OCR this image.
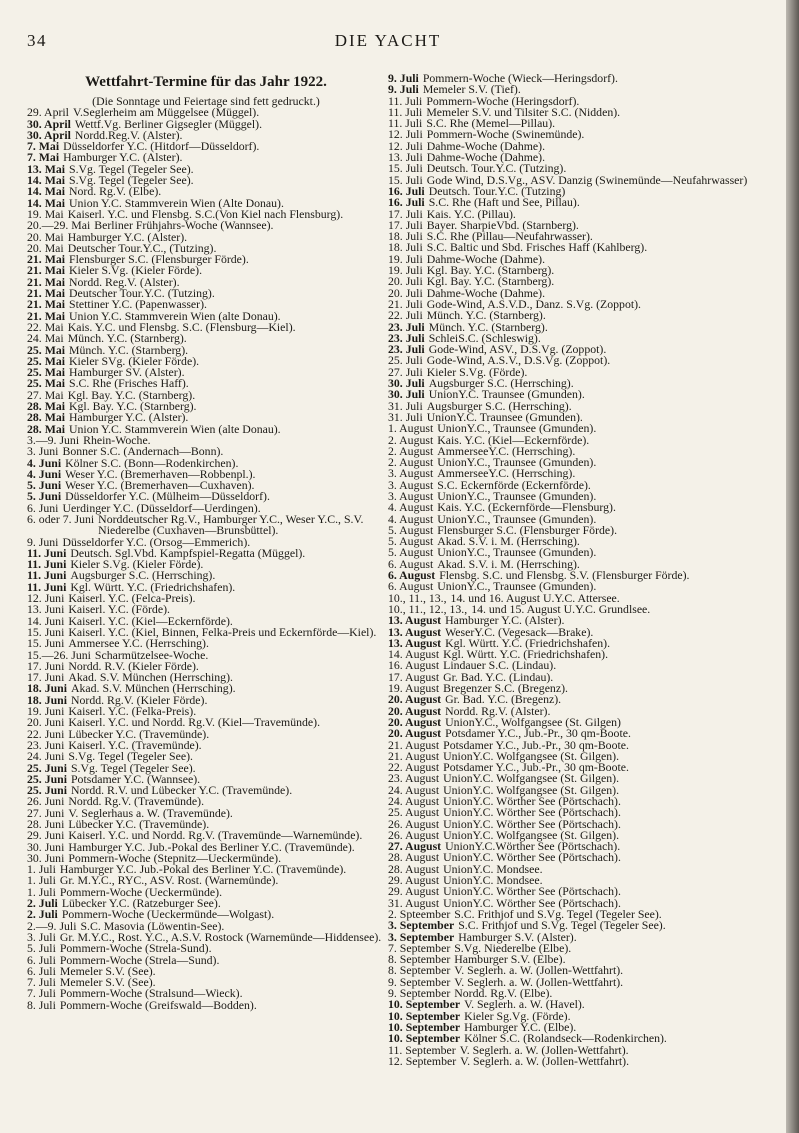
34	DIE YACHT
Wettfahrt-Termine für das Jahr 1922.
(Die Sonntage und Feiertage sind fett gedruckt.)
29. April V.Seglerheim am Müggelsee (Müggel).
30. April Wettf.Vg. Berliner Gigsegler (Müggel).
30. April Nordd.Reg.V. (Alster).
7. Mai Düsseldorfer Y.C. (Hitdorf—Düsseldorf).
7. Mai Hamburger Y.C. (Alster).
13. Mai S.Vg. Tegel (Tegeler See).
14. Mai S.Vg. Tegel (Tegeler See).
14. Mai Nord. Rg.V. (Elbe).
14. Mai Union Y.C. Stammverein Wien (Alte Donau).
19. Mai Kaiserl. Y.C. und Flensbg. S.C.(Von Kiel nach Flensburg).
20.—29. Mai Berliner Frühjahrs-Woche (Wannsee).
20. Mai Hamburger Y.C. (Alster).
20. Mai Deutscher Tour.Y.C., (Tutzing).
21. Mai Flensburger S.C. (Flensburger Förde).
21. Mai Kieler S.Vg. (Kieler Förde).
21. Mai Nordd. Reg.V. (Alster).
21. Mai Deutscher Tour.Y.C. (Tutzing).
21. Mai Stettiner Y.C. (Papenwasser).
21. Mai Union Y.C. Stammverein Wien (alte Donau).
22. Mai Kais. Y.C. und Flensbg. S.C. (Flensburg—Kiel).
24. Mai Münch. Y.C. (Starnberg).
25. Mai Münch. Y.C. (Starnberg).
25. Mai Kieler SVg. (Kieler Förde).
25. Mai Hamburger SV. (Alster).
25. Mai S.C. Rhe (Frisches Haff).
27. Mai Kgl. Bay. Y.C. (Starnberg).
28. Mai Kgl. Bay. Y.C. (Starnberg).
28. Mai Hamburger Y.C. (Alster).
28. Mai Union Y.C. Stammverein Wien (alte Donau).
3.—9. Juni Rhein-Woche.
3. Juni Bonner S.C. (Andernach—Bonn).
4. Juni Kölner S.C. (Bonn—Rodenkirchen).
4. Juni Weser Y.C. (Bremerhaven—Robbenpl.).
5. Juni Weser Y.C. (Bremerhaven—Cuxhaven).
5. Juni Düsseldorfer Y.C. (Mülheim—Düsseldorf).
6. Juni Uerdinger Y.C. (Düsseldorf—Uerdingen).
6. oder 7. Juni Norddeutscher Rg.V., Hamburger Y.C., Weser Y.C., S.V. Niederelbe (Cuxhaven—Brunsbüttel).
9. Juni Düsseldorfer Y.C. (Orsog—Emmerich).
11. Juni Deutsch. Sgl.Vbd. Kampfspiel-Regatta (Müggel).
11. Juni Kieler S.Vg. (Kieler Förde).
11. Juni Augsburger S.C. (Herrsching).
11. Juni Kgl. Württ. Y.C. (Friedrichshafen).
12. Juni Kaiserl. Y.C. (Felca-Preis).
13. Juni Kaiserl. Y.C. (Förde).
14. Juni Kaiserl. Y.C. (Kiel—Eckernförde).
15. Juni Kaiserl. Y.C. (Kiel, Binnen, Felka-Preis und Eckernförde—Kiel).
15. Juni Ammersee Y.C. (Herrsching).
15.—26. Juni Scharmützelsee-Woche.
17. Juni Nordd. R.V. (Kieler Förde).
17. Juni Akad. S.V. München (Herrsching).
18. Juni Akad. S.V. München (Herrsching).
18. Juni Nordd. Rg.V. (Kieler Förde).
19. Juni Kaiserl. Y.C. (Felka-Preis).
20. Juni Kaiserl. Y.C. und Nordd. Rg.V. (Kiel—Travemünde).
22. Juni Lübecker Y.C. (Travemünde).
23. Juni Kaiserl. Y.C. (Travemünde).
24. Juni S.Vg. Tegel (Tegeler See).
25. Juni S.Vg. Tegel (Tegeler See).
25. Juni Potsdamer Y.C. (Wannsee).
25. Juni Nordd. R.V. und Lübecker Y.C. (Travemünde).
26. Juni Nordd. Rg.V. (Travemünde).
27. Juni V. Seglerhaus a. W. (Travemünde).
28. Juni Lübecker Y.C. (Travemünde).
29. Juni Kaiserl. Y.C. und Nordd. Rg.V. (Travemünde—Warnemünde).
30. Juni Hamburger Y.C. Jub.-Pokal des Berliner Y.C. (Travemünde).
30. Juni Pommern-Woche (Stepnitz—Ueckermünde).
1. Juli Hamburger Y.C. Jub.-Pokal des Berliner Y.C. (Travemünde).
1. Juli Gr. M.Y.C., RYC., ASV. Rost. (Warnemünde).
1. Juli Pommern-Woche (Ueckermünde).
2. Juli Lübecker Y.C. (Ratzeburger See).
2. Juli Pommern-Woche (Ueckermünde—Wolgast).
2.—9. Juli S.C. Masovia (Löwentin-See).
3. Juli Gr. M.Y.C., Rost. Y.C., A.S.V. Rostock (Warnemünde—Hiddensee).
5. Juli Pommern-Woche (Strela-Sund).
6. Juli Pommern-Woche (Strela—Sund).
6. Juli Memeler S.V. (See).
7. Juli Memeler S.V. (See).
7. Juli Pommern-Woche (Stralsund—Wieck).
8. Juli Pommern-Woche (Greifswald—Bodden).
9. Juli Pommern-Woche (Wieck—Heringsdorf).
9. Juli Memeler S.V. (Tief).
11. Juli Pommern-Woche (Heringsdorf).
11. Juli Memeler S.V. und Tilsiter S.C. (Nidden).
11. Juli S.C. Rhe (Memel—Pillau).
12. Juli Pommern-Woche (Swinemünde).
12. Juli Dahme-Woche (Dahme).
13. Juli Dahme-Woche (Dahme).
15. Juli Deutsch. Tour.Y.C. (Tutzing).
15. Juli Gode Wind, D.S.Vg., ASV. Danzig (Swinemünde—Neufahrwasser)
16. Juli Deutsch. Tour.Y.C. (Tutzing)
16. Juli S.C. Rhe (Haft und See, Pillau).
17. Juli Kais. Y.C. (Pillau).
17. Juli Bayer. SharpieVbd. (Starnberg).
18. Juli S.C. Rhe (Pillau—Neufahrwasser).
18. Juli S.C. Baltic und Sbd. Frisches Haff (Kahlberg).
19. Juli Dahme-Woche (Dahme).
19. Juli Kgl. Bay. Y.C. (Starnberg).
20. Juli Kgl. Bay. Y.C. (Starnberg).
20. Juli Dahme-Woche (Dahme).
21. Juli Gode-Wind, A.S.V.D., Danz. S.Vg. (Zoppot).
22. Juli Münch. Y.C. (Starnberg).
23. Juli Münch. Y.C. (Starnberg).
23. Juli SchleiS.C. (Schleswig).
23. Juli Gode-Wind, ASV., D.S.Vg. (Zoppot).
25. Juli Gode-Wind, A.S.V., D.S.Vg. (Zoppot).
27. Juli Kieler S.Vg. (Förde).
30. Juli Augsburger S.C. (Herrsching).
30. Juli UnionY.C. Traunsee (Gmunden).
31. Juli Augsburger S.C. (Herrsching).
31. Juli UnionY.C. Traunsee (Gmunden).
1. August UnionY.C., Traunsee (Gmunden).
2. August Kais. Y.C. (Kiel—Eckernförde).
2. August AmmerseeY.C. (Herrsching).
2. August UnionY.C., Traunsee (Gmunden).
3. August AmmerseeY.C. (Herrsching).
3. August S.C. Eckernförde (Eckernförde).
3. August UnionY.C., Traunsee (Gmunden).
4. August Kais. Y.C. (Eckernförde—Flensburg).
4. August UnionY.C., Traunsee (Gmunden).
5. August Flensburger S.C. (Flensburger Förde).
5. August Akad. S.V. i. M. (Herrsching).
5. August UnionY.C., Traunsee (Gmunden).
6. August Akad. S.V. i. M. (Herrsching).
6. August Flensbg. S.C. und Flensbg. S.V. (Flensburger Förde).
6. August UnionY.C., Traunsee (Gmunden).
10., 11., 13., 14. und 16. August U.Y.C. Attersee.
10., 11., 12., 13., 14. und 15. August U.Y.C. Grundlsee.
13. August Hamburger Y.C. (Alster).
13. August WeserY.C. (Vegesack—Brake).
13. August Kgl. Württ. Y.C. (Friedrichshafen).
14. August Kgl. Württ. Y.C. (Friedrichshafen).
16. August Lindauer S.C. (Lindau).
17. August Gr. Bad. Y.C. (Lindau).
19. August Bregenzer S.C. (Bregenz).
20. August Gr. Bad. Y.C. (Bregenz).
20. August Nordd. Rg.V. (Alster).
20. August UnionY.C., Wolfgangsee (St. Gilgen)
20. August Potsdamer Y.C., Jub.-Pr., 30 qm-Boote.
21. August Potsdamer Y.C., Jub.-Pr., 30 qm-Boote.
21. August UnionY.C. Wolfgangsee (St. Gilgen).
22. August Potsdamer Y.C., Jub.-Pr., 30 qm-Boote.
23. August UnionY.C. Wolfgangsee (St. Gilgen).
24. August UnionY.C. Wolfgangsee (St. Gilgen).
24. August UnionY.C. Wörther See (Pörtschach).
25. August UnionY.C. Wörther See (Pörtschach).
26. August UnionY.C. Wörther See (Pörtschach).
26. August UnionY.C. Wolfgangsee (St. Gilgen).
27. August UnionY.C.Wörther See (Pörtschach).
28. August UnionY.C. Wörther See (Pörtschach).
28. August UnionY.C. Mondsee.
29. August UnionY.C. Mondsee.
29. August UnionY.C. Wörther See (Pörtschach).
31. August UnionY.C. Wörther See (Pörtschach).
2. Spteember S.C. Frithjof und S.Vg. Tegel (Tegeler See).
3. September S.C. Frithjof und S.Vg. Tegel (Tegeler See).
3. September Hamburger S.V. (Alster).
7. September S.Vg. Niederelbe (Elbe).
8. September Hamburger S.V. (Elbe).
8. September V. Seglerh. a. W. (Jollen-Wettfahrt).
9. September V. Seglerh. a. W. (Jollen-Wettfahrt).
9. September Nordd. Rg.V. (Elbe).
10. September V. Seglerh. a. W. (Havel).
10. September Kieler Sg.Vg. (Förde).
10. September Hamburger Y.C. (Elbe).
10. September Kölner S.C. (Rolandseck—Rodenkirchen).
11. September V. Seglerh. a. W. (Jollen-Wettfahrt).
12. September V. Seglerh. a. W. (Jollen-Wettfahrt).
